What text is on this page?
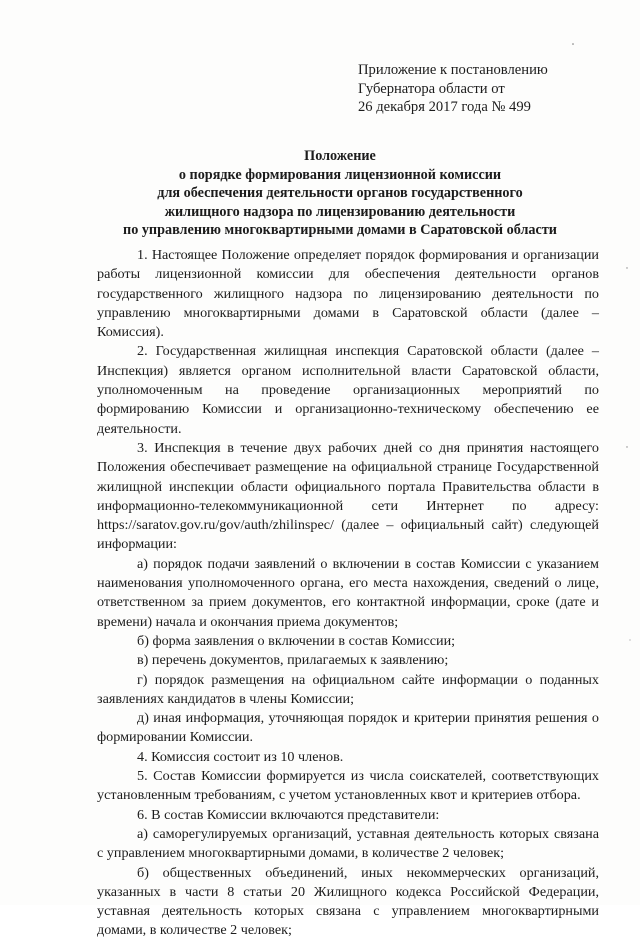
Приложение к постановлению
Губернатора области от
26 декабря 2017 года № 499
Положение
о порядке формирования лицензионной комиссии
для обеспечения деятельности органов государственного
жилищного надзора по лицензированию деятельности
по управлению многоквартирными домами в Саратовской области

1. Настоящее Положение определяет порядок формирования и организации работы лицензионной комиссии для обеспечения деятельности органов государственного жилищного надзора по лицензированию деятельности по управлению многоквартирными домами в Саратовской области (далее – Комиссия).

2. Государственная жилищная инспекция Саратовской области (далее – Инспекция) является органом исполнительной власти Саратовской области, уполномоченным на проведение организационных мероприятий по формированию Комиссии и организационно-техническому обеспечению ее деятельности.

3. Инспекция в течение двух рабочих дней со дня принятия настоящего Положения обеспечивает размещение на официальной странице Государственной жилищной инспекции области официального портала Правительства области в информационно-телекоммуникационной сети Интернет по адресу: https://saratov.gov.ru/gov/auth/zhilinspec/ (далее – официальный сайт) следующей информации:

а) порядок подачи заявлений о включении в состав Комиссии с указанием наименования уполномоченного органа, его места нахождения, сведений о лице, ответственном за прием документов, его контактной информации, сроке (дате и времени) начала и окончания приема документов;

б) форма заявления о включении в состав Комиссии;

в) перечень документов, прилагаемых к заявлению;

г) порядок размещения на официальном сайте информации о поданных заявлениях кандидатов в члены Комиссии;

д) иная информация, уточняющая порядок и критерии принятия решения о формировании Комиссии.

4. Комиссия состоит из 10 членов.

5. Состав Комиссии формируется из числа соискателей, соответствующих установленным требованиям, с учетом установленных квот и критериев отбора.

6. В состав Комиссии включаются представители:

а) саморегулируемых организаций, уставная деятельность которых связана с управлением многоквартирными домами, в количестве 2 человек;

б) общественных объединений, иных некоммерческих организаций, указанных в части 8 статьи 20 Жилищного кодекса Российской Федерации, уставная деятельность которых связана с управлением многоквартирными домами, в количестве 2 человек;
